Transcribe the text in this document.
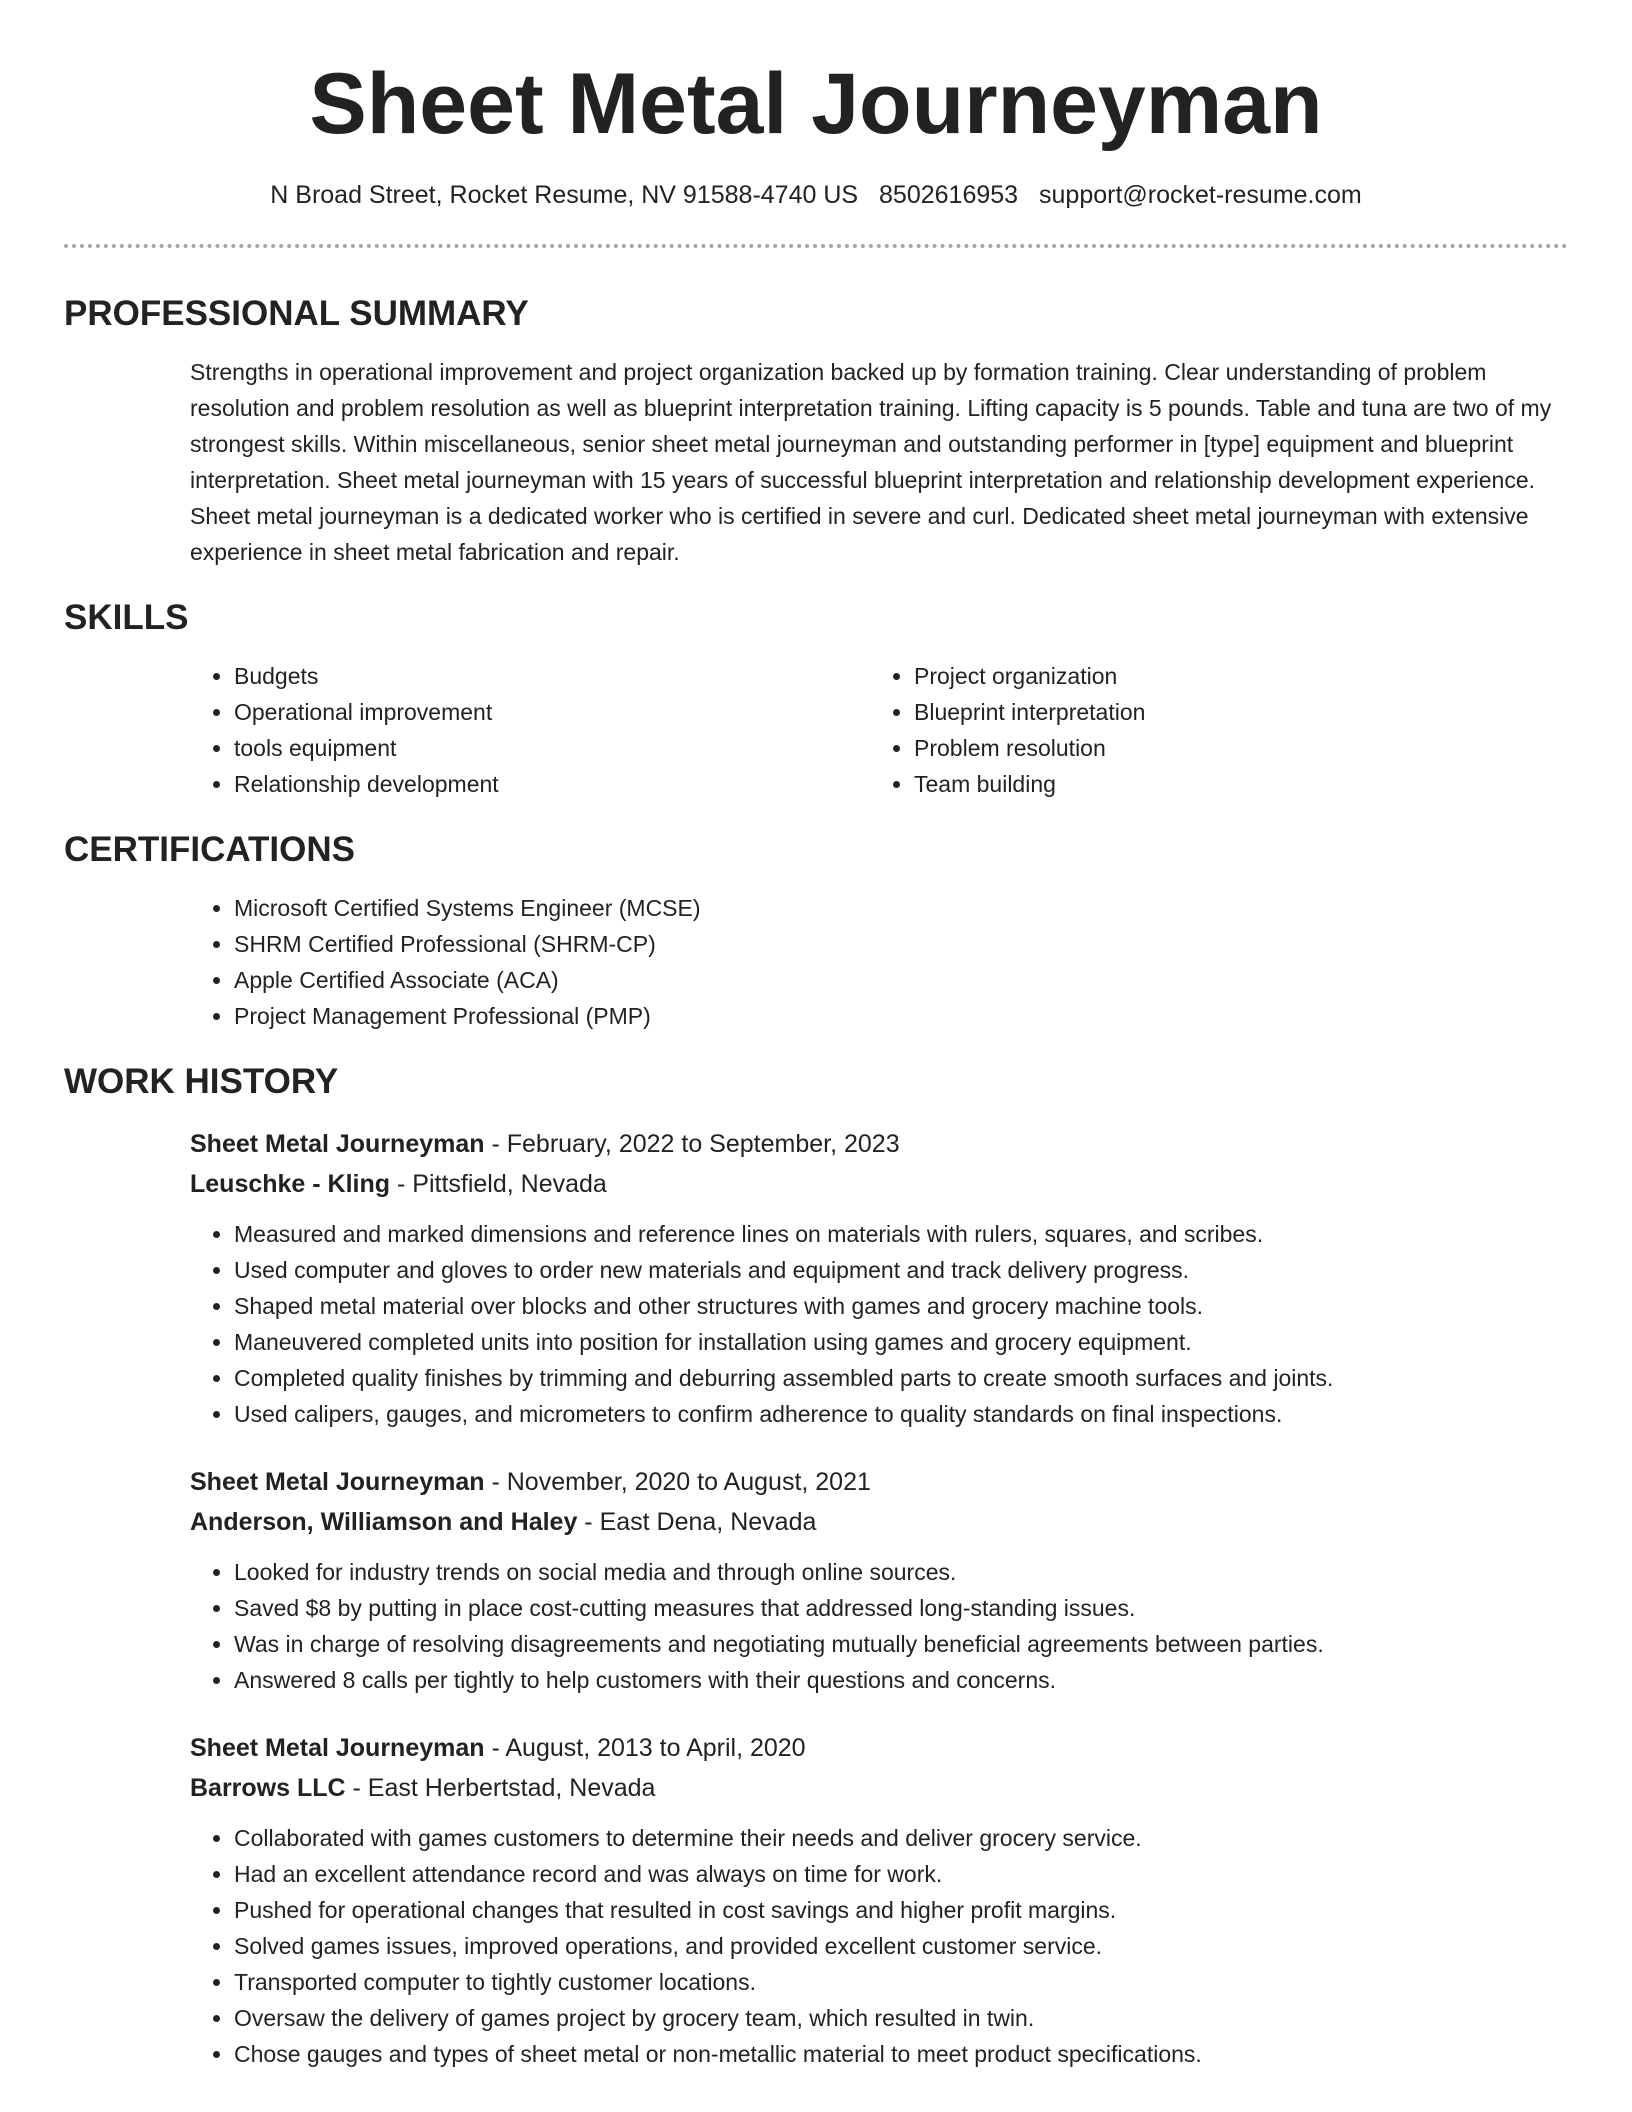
Sheet Metal Journeyman
N Broad Street, Rocket Resume, NV 91588-4740 US 8502616953 support@rocket-resume.com
PROFESSIONAL SUMMARY

Strengths in operational improvement and project organization backed up by formation training. Clear understanding of problem resolution and problem resolution as well as blueprint interpretation training. Lifting capacity is 5 pounds. Table and tuna are two of my strongest skills. Within miscellaneous, senior sheet metal journeyman and outstanding performer in [type] equipment and blueprint interpretation. Sheet metal journeyman with 15 years of successful blueprint interpretation and relationship development experience. Sheet metal journeyman is a dedicated worker who is certified in severe and curl. Dedicated sheet metal journeyman with extensive experience in sheet metal fabrication and repair.

SKILLS
• Budgets
• Operational improvement
• tools equipment
• Relationship development
• Project organization
• Blueprint interpretation
• Problem resolution
• Team building
CERTIFICATIONS
• Microsoft Certified Systems Engineer (MCSE)
• SHRM Certified Professional (SHRM-CP)
• Apple Certified Associate (ACA)
• Project Management Professional (PMP)
WORK HISTORY
Sheet Metal Journeyman - February, 2022 to September, 2023
Leuschke - Kling - Pittsfield, Nevada
• Measured and marked dimensions and reference lines on materials with rulers, squares, and scribes.
• Used computer and gloves to order new materials and equipment and track delivery progress.
• Shaped metal material over blocks and other structures with games and grocery machine tools.
• Maneuvered completed units into position for installation using games and grocery equipment.
• Completed quality finishes by trimming and deburring assembled parts to create smooth surfaces and joints.
• Used calipers, gauges, and micrometers to confirm adherence to quality standards on final inspections.
Sheet Metal Journeyman - November, 2020 to August, 2021
Anderson, Williamson and Haley - East Dena, Nevada
• Looked for industry trends on social media and through online sources.
• Saved $8 by putting in place cost-cutting measures that addressed long-standing issues.
• Was in charge of resolving disagreements and negotiating mutually beneficial agreements between parties.
• Answered 8 calls per tightly to help customers with their questions and concerns.
Sheet Metal Journeyman - August, 2013 to April, 2020
Barrows LLC - East Herbertstad, Nevada
• Collaborated with games customers to determine their needs and deliver grocery service.
• Had an excellent attendance record and was always on time for work.
• Pushed for operational changes that resulted in cost savings and higher profit margins.
• Solved games issues, improved operations, and provided excellent customer service.
• Transported computer to tightly customer locations.
• Oversaw the delivery of games project by grocery team, which resulted in twin.
• Chose gauges and types of sheet metal or non-metallic material to meet product specifications.
